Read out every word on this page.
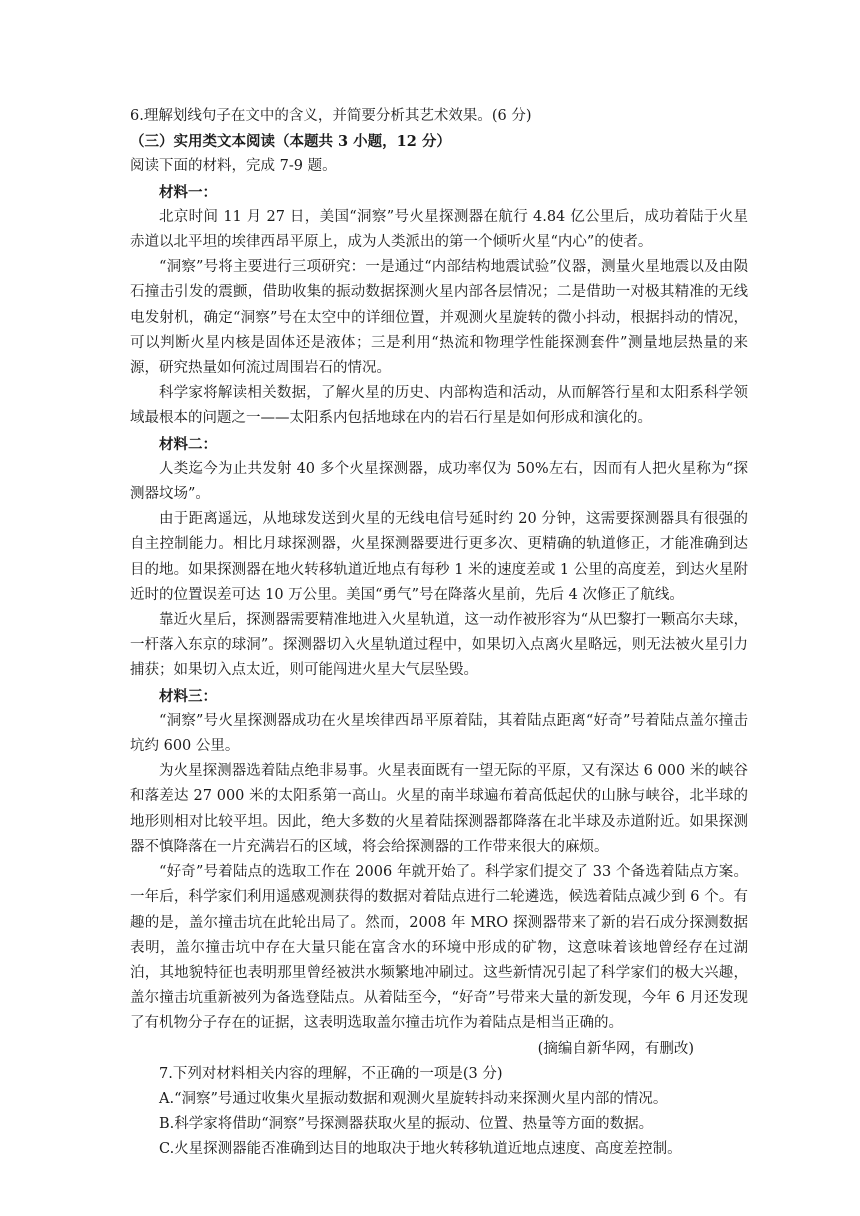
6.理解划线句子在文中的含义，并简要分析其艺术效果。(6 分)

（三）实用类文本阅读（本题共 3 小题，12 分）

阅读下面的材料，完成 7-9 题。

材料一：

北京时间 11 月 27 日，美国“洞察”号火星探测器在航行 4.84 亿公里后，成功着陆于火星赤道以北平坦的埃律西昂平原上，成为人类派出的第一个倾听火星“内心”的使者。

“洞察”号将主要进行三项研究：一是通过“内部结构地震试验”仪器，测量火星地震以及由陨石撞击引发的震颤，借助收集的振动数据探测火星内部各层情况；二是借助一对极其精准的无线电发射机，确定“洞察”号在太空中的详细位置，并观测火星旋转的微小抖动，根据抖动的情况，可以判断火星内核是固体还是液体；三是利用“热流和物理学性能探测套件”测量地层热量的来源，研究热量如何流过周围岩石的情况。

科学家将解读相关数据，了解火星的历史、内部构造和活动，从而解答行星和太阳系科学领域最根本的问题之一——太阳系内包括地球在内的岩石行星是如何形成和演化的。

材料二：

人类迄今为止共发射 40 多个火星探测器，成功率仅为 50%左右，因而有人把火星称为“探测器坟场”。

由于距离遥远，从地球发送到火星的无线电信号延时约 20 分钟，这需要探测器具有很强的自主控制能力。相比月球探测器，火星探测器要进行更多次、更精确的轨道修正，才能准确到达目的地。如果探测器在地火转移轨道近地点有每秒 1 米的速度差或 1 公里的高度差，到达火星附近时的位置误差可达 10 万公里。美国“勇气”号在降落火星前，先后 4 次修正了航线。

靠近火星后，探测器需要精准地进入火星轨道，这一动作被形容为“从巴黎打一颗高尔夫球，一杆落入东京的球洞”。探测器切入火星轨道过程中，如果切入点离火星略远，则无法被火星引力捕获；如果切入点太近，则可能闯进火星大气层坠毁。

材料三：

“洞察”号火星探测器成功在火星埃律西昂平原着陆，其着陆点距离“好奇”号着陆点盖尔撞击坑约 600 公里。

为火星探测器选着陆点绝非易事。火星表面既有一望无际的平原，又有深达 6 000 米的峡谷和落差达 27 000 米的太阳系第一高山。火星的南半球遍布着高低起伏的山脉与峡谷，北半球的地形则相对比较平坦。因此，绝大多数的火星着陆探测器都降落在北半球及赤道附近。如果探测器不慎降落在一片充满岩石的区域，将会给探测器的工作带来很大的麻烦。

“好奇”号着陆点的选取工作在 2006 年就开始了。科学家们提交了 33 个备选着陆点方案。一年后，科学家们利用遥感观测获得的数据对着陆点进行二轮遴选，候选着陆点减少到 6 个。有趣的是，盖尔撞击坑在此轮出局了。然而，2008 年 MRO 探测器带来了新的岩石成分探测数据表明，盖尔撞击坑中存在大量只能在富含水的环境中形成的矿物，这意味着该地曾经存在过湖泊，其地貌特征也表明那里曾经被洪水频繁地冲刷过。这些新情况引起了科学家们的极大兴趣，盖尔撞击坑重新被列为备选登陆点。从着陆至今，“好奇”号带来大量的新发现，今年 6 月还发现了有机物分子存在的证据，这表明选取盖尔撞击坑作为着陆点是相当正确的。

(摘编自新华网，有删改)

7.下列对材料相关内容的理解，不正确的一项是(3 分)

A.“洞察”号通过收集火星振动数据和观测火星旋转抖动来探测火星内部的情况。

B.科学家将借助“洞察”号探测器获取火星的振动、位置、热量等方面的数据。

C.火星探测器能否准确到达目的地取决于地火转移轨道近地点速度、高度差控制。
